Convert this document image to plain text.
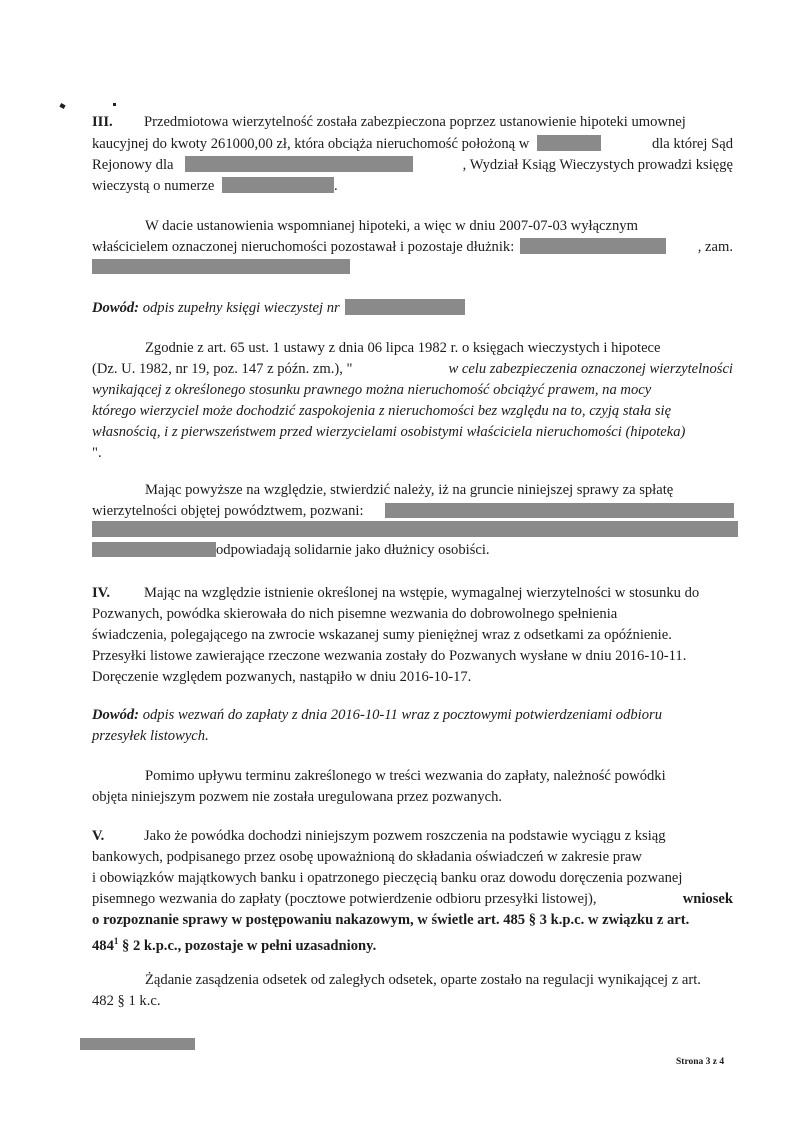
III. Przedmiotowa wierzytelność została zabezpieczona poprzez ustanowienie hipoteki umownej
kaucyjnej do kwoty 261000,00 zł, która obciąża nieruchomość położoną w	dla której Sąd
Rejonowy dla	, Wydział Ksiąg Wieczystych prowadzi księgę
wieczystą o numerze	.
W dacie ustanowienia wspomnianej hipoteki, a więc w dniu 2007-07-03 wyłącznym
właścicielem oznaczonej nieruchomości pozostawał i pozostaje dłużnik:	, zam.
Dowód: odpis zupełny księgi wieczystej nr
Zgodnie z art. 65 ust. 1 ustawy z dnia 06 lipca 1982 r. o księgach wieczystych i hipotece
(Dz. U. 1982, nr 19, poz. 147 z późn. zm.), "	w celu zabezpieczenia oznaczonej wierzytelności
wynikającej z określonego stosunku prawnego można nieruchomość obciążyć prawem, na mocy
którego wierzyciel może dochodzić zaspokojenia z nieruchomości bez względu na to, czyją stała się
własnością, i z pierwszeństwem przed wierzycielami osobistymi właściciela nieruchomości (hipoteka)
".
Mając powyższe na względzie, stwierdzić należy, iż na gruncie niniejszej sprawy za spłatę
wierzytelności objętej powództwem, pozwani:
odpowiadają solidarnie jako dłużnicy osobiści.
IV. Mając na względzie istnienie określonej na wstępie, wymagalnej wierzytelności w stosunku do
Pozwanych, powódka skierowała do nich pisemne wezwania do dobrowolnego spełnienia
świadczenia, polegającego na zwrocie wskazanej sumy pieniężnej wraz z odsetkami za opóźnienie.
Przesyłki listowe zawierające rzeczone wezwania zostały do Pozwanych wysłane w dniu 2016-10-11.
Doręczenie względem pozwanych, nastąpiło w dniu 2016-10-17.
Dowód: odpis wezwań do zapłaty z dnia 2016-10-11 wraz z pocztowymi potwierdzeniami odbioru
przesyłek listowych.
Pomimo upływu terminu zakreślonego w treści wezwania do zapłaty, należność powódki
objęta niniejszym pozwem nie została uregulowana przez pozwanych.
V.	Jako że powódka dochodzi niniejszym pozwem roszczenia na podstawie wyciągu z ksiąg
bankowych, podpisanego przez osobę upoważnioną do składania oświadczeń w zakresie praw
i obowiązków majątkowych banku i opatrzonego pieczęcią banku oraz dowodu doręczenia pozwanej
pisemnego wezwania do zapłaty (pocztowe potwierdzenie odbioru przesyłki listowej),	wniosek
o rozpoznanie sprawy w postępowaniu nakazowym, w świetle art. 485 § 3 k.p.c. w związku z art.
$484^1$ § 2 k.p.c., pozostaje w pełni uzasadniony.
Żądanie zasądzenia odsetek od zaległych odsetek, oparte zostało na regulacji wynikającej z art.
482 § 1 k.c.
Strona 3 z 4
